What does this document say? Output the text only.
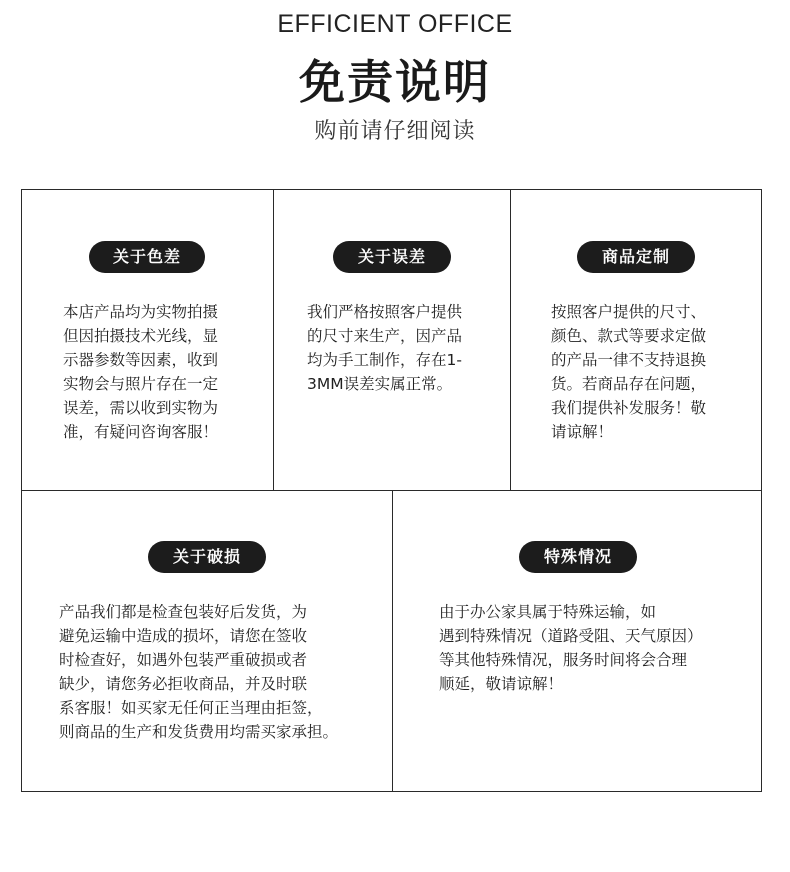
EFFICIENT OFFICE
免责说明
购前请仔细阅读
关于色差
本店产品均为实物拍摄
但因拍摄技术光线，显
示器参数等因素，收到
实物会与照片存在一定
误差，需以收到实物为
准，有疑问咨询客服！
关于误差
我们严格按照客户提供
的尺寸来生产，因产品
均为手工制作，存在1-
3MM误差实属正常。
商品定制
按照客户提供的尺寸、
颜色、款式等要求定做
的产品一律不支持退换
货。若商品存在问题，
我们提供补发服务！敬
请谅解！
关于破损
产品我们都是检查包装好后发货，为
避免运输中造成的损坏，请您在签收
时检查好，如遇外包装严重破损或者
缺少，请您务必拒收商品，并及时联
系客服！如买家无任何正当理由拒签，
则商品的生产和发货费用均需买家承担。
特殊情况
由于办公家具属于特殊运输，如
遇到特殊情况（道路受阻、天气原因）
等其他特殊情况，服务时间将会合理
顺延，敬请谅解！
